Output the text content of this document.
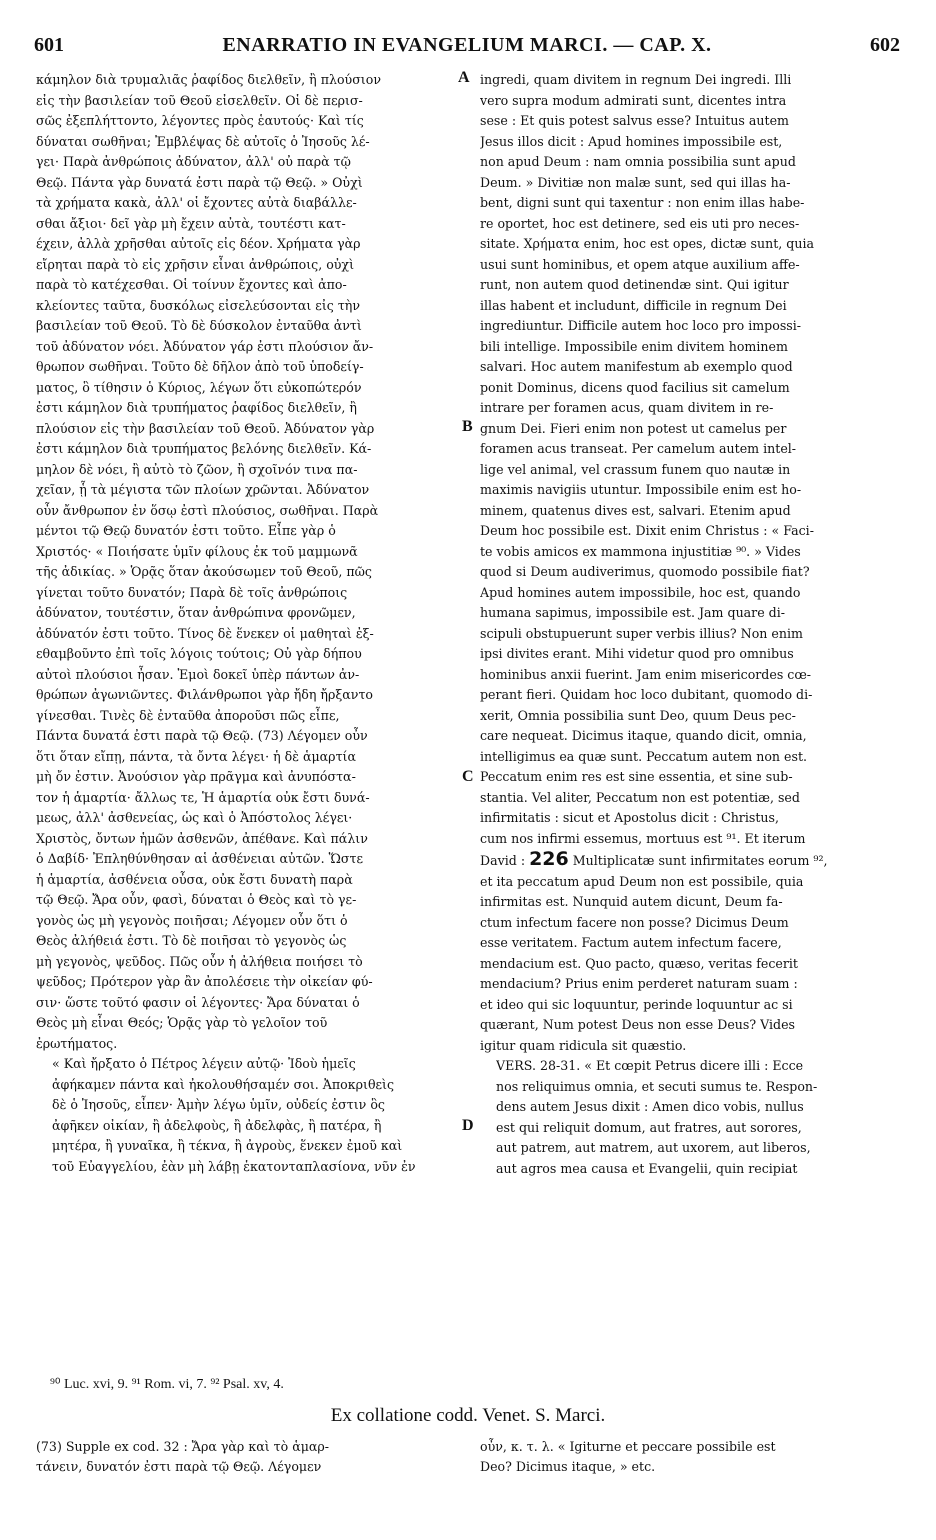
601	ENARRATIO IN EVANGELIUM MARCI. — CAP. X.	602
A
B
C
D
κάμηλον διὰ τρυμαλιᾶς ῥαφίδος διελθεῖν, ἢ πλούσιον
εἰς τὴν βασιλείαν τοῦ Θεοῦ εἰσελθεῖν. Οἱ δὲ περισ-
σῶς ἐξεπλήττοντο, λέγοντες πρὸς ἑαυτούς· Καὶ τίς
δύναται σωθῆναι; Ἐμβλέψας δὲ αὐτοῖς ὁ Ἰησοῦς λέ-
γει· Παρὰ ἀνθρώποις ἀδύνατον, ἀλλ' οὐ παρὰ τῷ
Θεῷ. Πάντα γὰρ δυνατά ἐστι παρὰ τῷ Θεῷ. » Οὐχὶ
τὰ χρήματα κακὰ, ἀλλ' οἱ ἔχοντες αὐτὰ διαβάλλε-
σθαι ἄξιοι· δεῖ γὰρ μὴ ἔχειν αὐτὰ, τουτέστι κατ-
έχειν, ἀλλὰ χρῆσθαι αὐτοῖς εἰς δέον. Χρήματα γὰρ
εἴρηται παρὰ τὸ εἰς χρῆσιν εἶναι ἀνθρώποις, οὐχὶ
παρὰ τὸ κατέχεσθαι. Οἱ τοίνυν ἔχοντες καὶ ἀπο-
κλείοντες ταῦτα, δυσκόλως εἰσελεύσονται εἰς τὴν
βασιλείαν τοῦ Θεοῦ. Τὸ δὲ δύσκολον ἐνταῦθα ἀντὶ
τοῦ ἀδύνατον νόει. Ἀδύνατον γάρ ἐστι πλούσιον ἄν-
θρωπον σωθῆναι. Τοῦτο δὲ δῆλον ἀπὸ τοῦ ὑποδείγ-
ματος, ὃ τίθησιν ὁ Κύριος, λέγων ὅτι εὐκοπώτερόν
ἐστι κάμηλον διὰ τρυπήματος ῥαφίδος διελθεῖν, ἢ
πλούσιον εἰς τὴν βασιλείαν τοῦ Θεοῦ. Ἀδύνατον γὰρ
ἐστι κάμηλον διὰ τρυπήματος βελόνης διελθεῖν. Κά-
μηλον δὲ νόει, ἢ αὐτὸ τὸ ζῶον, ἢ σχοῖνόν τινα πα-
χεῖαν, ᾗ τὰ μέγιστα τῶν πλοίων χρῶνται. Ἀδύνατον
οὖν ἄνθρωπον ἐν ὅσῳ ἐστὶ πλούσιος, σωθῆναι. Παρὰ
μέντοι τῷ Θεῷ δυνατόν ἐστι τοῦτο. Εἶπε γὰρ ὁ
Χριστός· « Ποιήσατε ὑμῖν φίλους ἐκ τοῦ μαμμωνᾶ
τῆς ἀδικίας. » Ὁρᾷς ὅταν ἀκούσωμεν τοῦ Θεοῦ, πῶς
γίνεται τοῦτο δυνατόν; Παρὰ δὲ τοῖς ἀνθρώποις
ἀδύνατον, τουτέστιν, ὅταν ἀνθρώπινα φρονῶμεν,
ἀδύνατόν ἐστι τοῦτο. Τίνος δὲ ἕνεκεν οἱ μαθηταὶ ἐξ-
εθαμβοῦντο ἐπὶ τοῖς λόγοις τούτοις; Οὐ γὰρ δήπου
αὐτοὶ πλούσιοι ἦσαν. Ἐμοὶ δοκεῖ ὑπὲρ πάντων ἀν-
θρώπων ἀγωνιῶντες. Φιλάνθρωποι γὰρ ἤδη ἤρξαντο
γίνεσθαι. Τινὲς δὲ ἐνταῦθα ἀποροῦσι πῶς εἶπε,
Πάντα δυνατά ἐστι παρὰ τῷ Θεῷ. (73) Λέγομεν οὖν
ὅτι ὅταν εἴπῃ, πάντα, τὰ ὄντα λέγει· ἡ δὲ ἁμαρτία
μὴ ὄν ἐστιν. Ἀνούσιον γὰρ πρᾶγμα καὶ ἀνυπόστα-
τον ἡ ἁμαρτία· ἄλλως τε, Ἡ ἁμαρτία οὐκ ἔστι δυνά-
μεως, ἀλλ' ἀσθενείας, ὡς καὶ ὁ Ἀπόστολος λέγει·
Χριστὸς, ὄντων ἡμῶν ἀσθενῶν, ἀπέθανε. Καὶ πάλιν
ὁ Δαβίδ· Ἐπληθύνθησαν αἱ ἀσθένειαι αὐτῶν. Ὥστε
ἡ ἁμαρτία, ἀσθένεια οὖσα, οὐκ ἔστι δυνατὴ παρὰ
τῷ Θεῷ. Ἄρα οὖν, φασὶ, δύναται ὁ Θεὸς καὶ τὸ γε-
γονὸς ὡς μὴ γεγονὸς ποιῆσαι; Λέγομεν οὖν ὅτι ὁ
Θεὸς ἀλήθειά ἐστι. Τὸ δὲ ποιῆσαι τὸ γεγονὸς ὡς
μὴ γεγονὸς, ψεῦδος. Πῶς οὖν ἡ ἀλήθεια ποιήσει τὸ
ψεῦδος; Πρότερον γὰρ ἂν ἀπολέσειε τὴν οἰκείαν φύ-
σιν· ὥστε τοῦτό φασιν οἱ λέγοντες· Ἄρα δύναται ὁ
Θεὸς μὴ εἶναι Θεός; Ὁρᾷς γὰρ τὸ γελοῖον τοῦ
ἐρωτήματος.
« Καὶ ἤρξατο ὁ Πέτρος λέγειν αὐτῷ· Ἰδοὺ ἡμεῖς
ἀφήκαμεν πάντα καὶ ἠκολουθήσαμέν σοι. Ἀποκριθεὶς
δὲ ὁ Ἰησοῦς, εἶπεν· Ἀμὴν λέγω ὑμῖν, οὐδείς ἐστιν ὃς
ἀφῆκεν οἰκίαν, ἢ ἀδελφοὺς, ἢ ἀδελφὰς, ἢ πατέρα, ἢ
μητέρα, ἢ γυναῖκα, ἢ τέκνα, ἢ ἀγροὺς, ἕνεκεν ἐμοῦ καὶ
τοῦ Εὐαγγελίου, ἐὰν μὴ λάβῃ ἑκατονταπλασίονα, νῦν ἐν
ingredi, quam divitem in regnum Dei ingredi. Illi
vero supra modum admirati sunt, dicentes intra
sese : Et quis potest salvus esse? Intuitus autem
Jesus illos dicit : Apud homines impossibile est,
non apud Deum : nam omnia possibilia sunt apud
Deum. » Divitiæ non malæ sunt, sed qui illas ha-
bent, digni sunt qui taxentur : non enim illas habe-
re oportet, hoc est detinere, sed eis uti pro neces-
sitate. Χρήματα enim, hoc est opes, dictæ sunt, quia
usui sunt hominibus, et opem atque auxilium affe-
runt, non autem quod detinendæ sint. Qui igitur
illas habent et includunt, difficile in regnum Dei
ingrediuntur. Difficile autem hoc loco pro impossi-
bili intellige. Impossibile enim divitem hominem
salvari. Hoc autem manifestum ab exemplo quod
ponit Dominus, dicens quod facilius sit camelum
intrare per foramen acus, quam divitem in re-
gnum Dei. Fieri enim non potest ut camelus per
foramen acus transeat. Per camelum autem intel-
lige vel animal, vel crassum funem quo nautæ in
maximis navigiis utuntur. Impossibile enim est ho-
minem, quatenus dives est, salvari. Etenim apud
Deum hoc possibile est. Dixit enim Christus : « Faci-
te vobis amicos ex mammona injustitiæ ⁹⁰. » Vides
quod si Deum audiverimus, quomodo possibile fiat?
Apud homines autem impossibile, hoc est, quando
humana sapimus, impossibile est. Jam quare di-
scipuli obstupuerunt super verbis illius? Non enim
ipsi divites erant. Mihi videtur quod pro omnibus
hominibus anxii fuerint. Jam enim misericordes cœ-
perant fieri. Quidam hoc loco dubitant, quomodo di-
xerit, Omnia possibilia sunt Deo, quum Deus pec-
care nequeat. Dicimus itaque, quando dicit, omnia,
intelligimus ea quæ sunt. Peccatum autem non est.
Peccatum enim res est sine essentia, et sine sub-
stantia. Vel aliter, Peccatum non est potentiæ, sed
infirmitatis : sicut et Apostolus dicit : Christus,
cum nos infirmi essemus, mortuus est ⁹¹. Et iterum
David : 226 Multiplicatæ sunt infirmitates eorum ⁹²,
et ita peccatum apud Deum non est possibile, quia
infirmitas est. Nunquid autem dicunt, Deum fa-
ctum infectum facere non posse? Dicimus Deum
esse veritatem. Factum autem infectum facere,
mendacium est. Quo pacto, quæso, veritas fecerit
mendacium? Prius enim perderet naturam suam :
et ideo qui sic loquuntur, perinde loquuntur ac si
quærant, Num potest Deus non esse Deus? Vides
igitur quam ridicula sit quæstio.
VERS. 28-31. « Et cœpit Petrus dicere illi : Ecce
nos reliquimus omnia, et secuti sumus te. Respon-
dens autem Jesus dixit : Amen dico vobis, nullus
est qui reliquit domum, aut fratres, aut sorores,
aut patrem, aut matrem, aut uxorem, aut liberos,
aut agros mea causa et Evangelii, quin recipiat
⁹⁰ Luc. xvi, 9. ⁹¹ Rom. vi, 7. ⁹² Psal. xv, 4.
Ex collatione codd. Venet. S. Marci.
(73) Supple ex cod. 32 : Ἄρα γὰρ καὶ τὸ ἁμαρ-
τάνειν, δυνατόν ἐστι παρὰ τῷ Θεῷ. Λέγομεν
οὖν, κ. τ. λ. « Igiturne et peccare possibile est
Deo? Dicimus itaque, » etc.
